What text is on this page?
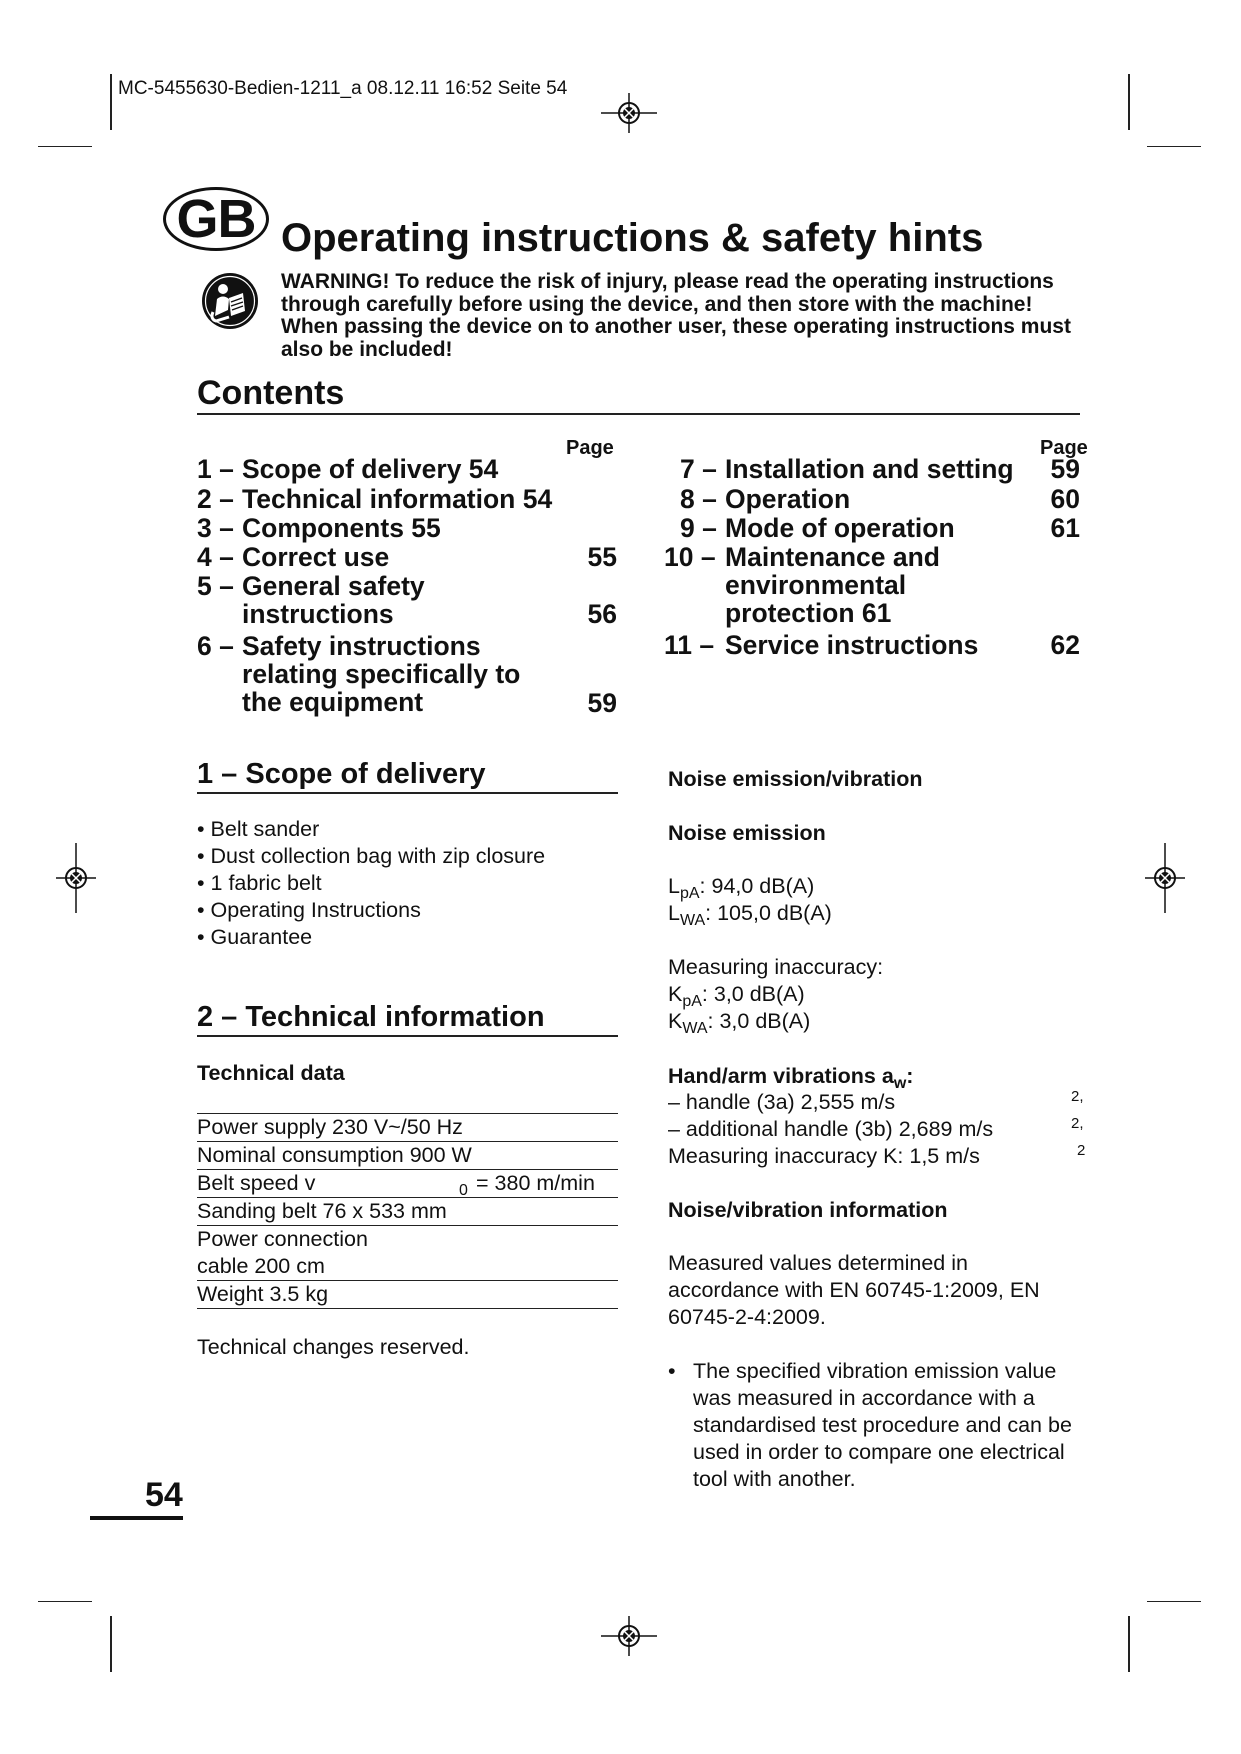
MC-5455630-Bedien-1211_a 08.12.11 16:52 Seite 54
GB Operating instructions & safety hints
WARNING! To reduce the risk of injury, please read the operating instructions through carefully before using the device, and then store with the machine! When passing the device on to another user, these operating instructions must also be included!
Contents
Page	Page
1 – Scope of delivery 54
2 – Technical information 54
3 – Components 55
4 – Correct use	55
5 – General safety
instructions	56
6 – Safety instructions
relating specifically to
the equipment	59
7 – Installation and setting 59
8 – Operation	60
9 – Mode of operation	61
10 – Maintenance and
environmental
protection 61
11 – Service instructions	62
1 – Scope of delivery
• Belt sander
• Dust collection bag with zip closure
• 1 fabric belt
• Operating Instructions
• Guarantee
2 – Technical information
Technical data
Power supply 230 V~/50 Hz
Nominal consumption 900 W
Belt speed v	0 = 380 m/min
Sanding belt 76 x 533 mm
Power connection
cable 200 cm
Weight 3.5 kg
Technical changes reserved.
Noise emission/vibration
Noise emission
$L_{pA}$: 94,0 dB(A)
$L_{WA}$: 105,0 dB(A)
Measuring inaccuracy:
$K_{pA}$: 3,0 dB(A)
$K_{WA}$: 3,0 dB(A)
Hand/arm vibrations $a_w$:
– handle (3a) 2,555 m/s	2,
– additional handle (3b) 2,689 m/s	2,
Measuring inaccuracy K: 1,5 m/s	2
Noise/vibration information
Measured values determined in accordance with EN 60745-1:2009, EN 60745-2-4:2009.
• The specified vibration emission value was measured in accordance with a standardised test procedure and can be used in order to compare one electrical tool with another.
54
